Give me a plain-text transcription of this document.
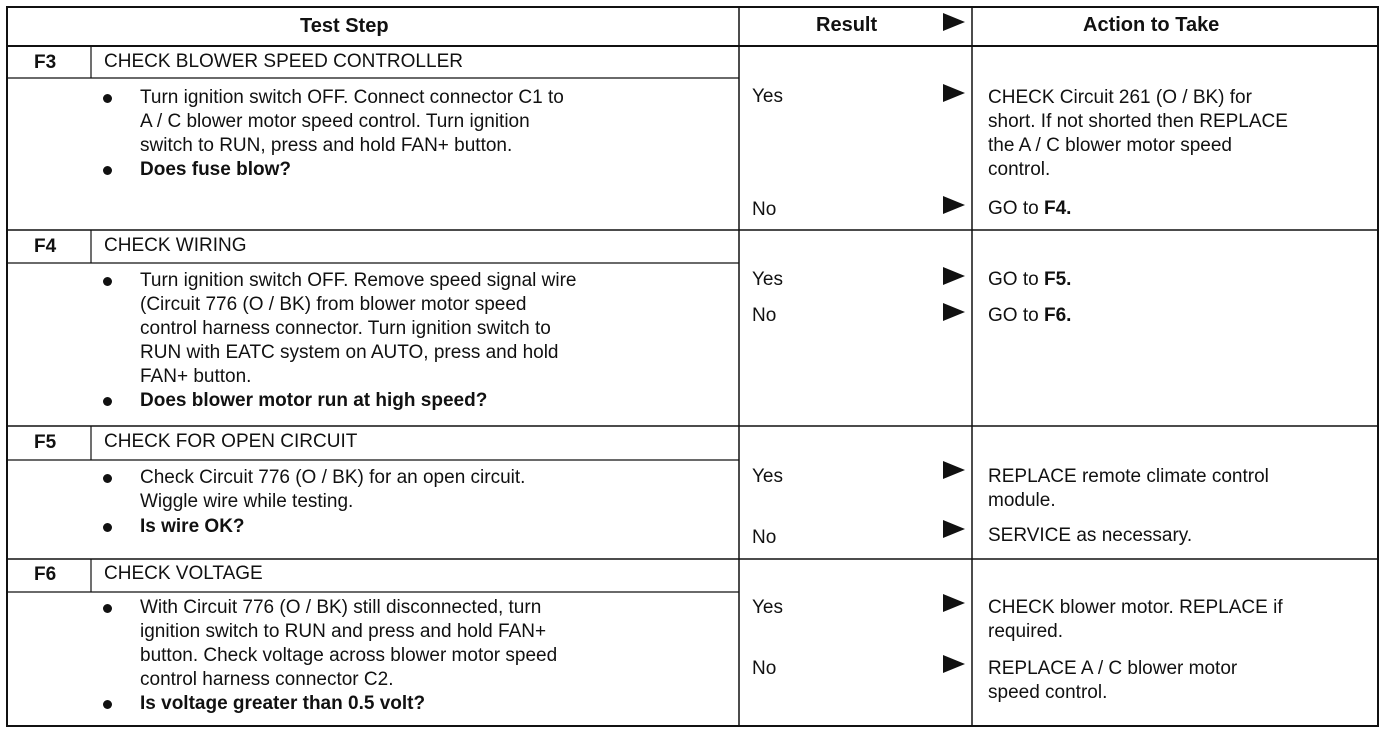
Test Step	Result	Action to Take
F3	CHECK BLOWER SPEED CONTROLLER
Turn ignition switch OFF. Connect connector C1 to
A / C blower motor speed control. Turn ignition
switch to RUN, press and hold FAN+ button.
Does fuse blow?
Yes	CHECK Circuit 261 (O / BK) for
short. If not shorted then REPLACE
the A / C blower motor speed
control.
No	GO to F4.
F4	CHECK WIRING
Turn ignition switch OFF. Remove speed signal wire
(Circuit 776 (O / BK) from blower motor speed
control harness connector. Turn ignition switch to
RUN with EATC system on AUTO, press and hold
FAN+ button.
Does blower motor run at high speed?
Yes	GO to F5.
No	GO to F6.
F5	CHECK FOR OPEN CIRCUIT
Check Circuit 776 (O / BK) for an open circuit.
Wiggle wire while testing.
Is wire OK?
Yes	REPLACE remote climate control
module.
No	SERVICE as necessary.
F6	CHECK VOLTAGE
With Circuit 776 (O / BK) still disconnected, turn
ignition switch to RUN and press and hold FAN+
button. Check voltage across blower motor speed
control harness connector C2.
Is voltage greater than 0.5 volt?
Yes	CHECK blower motor. REPLACE if
required.
No	REPLACE A / C blower motor
speed control.
